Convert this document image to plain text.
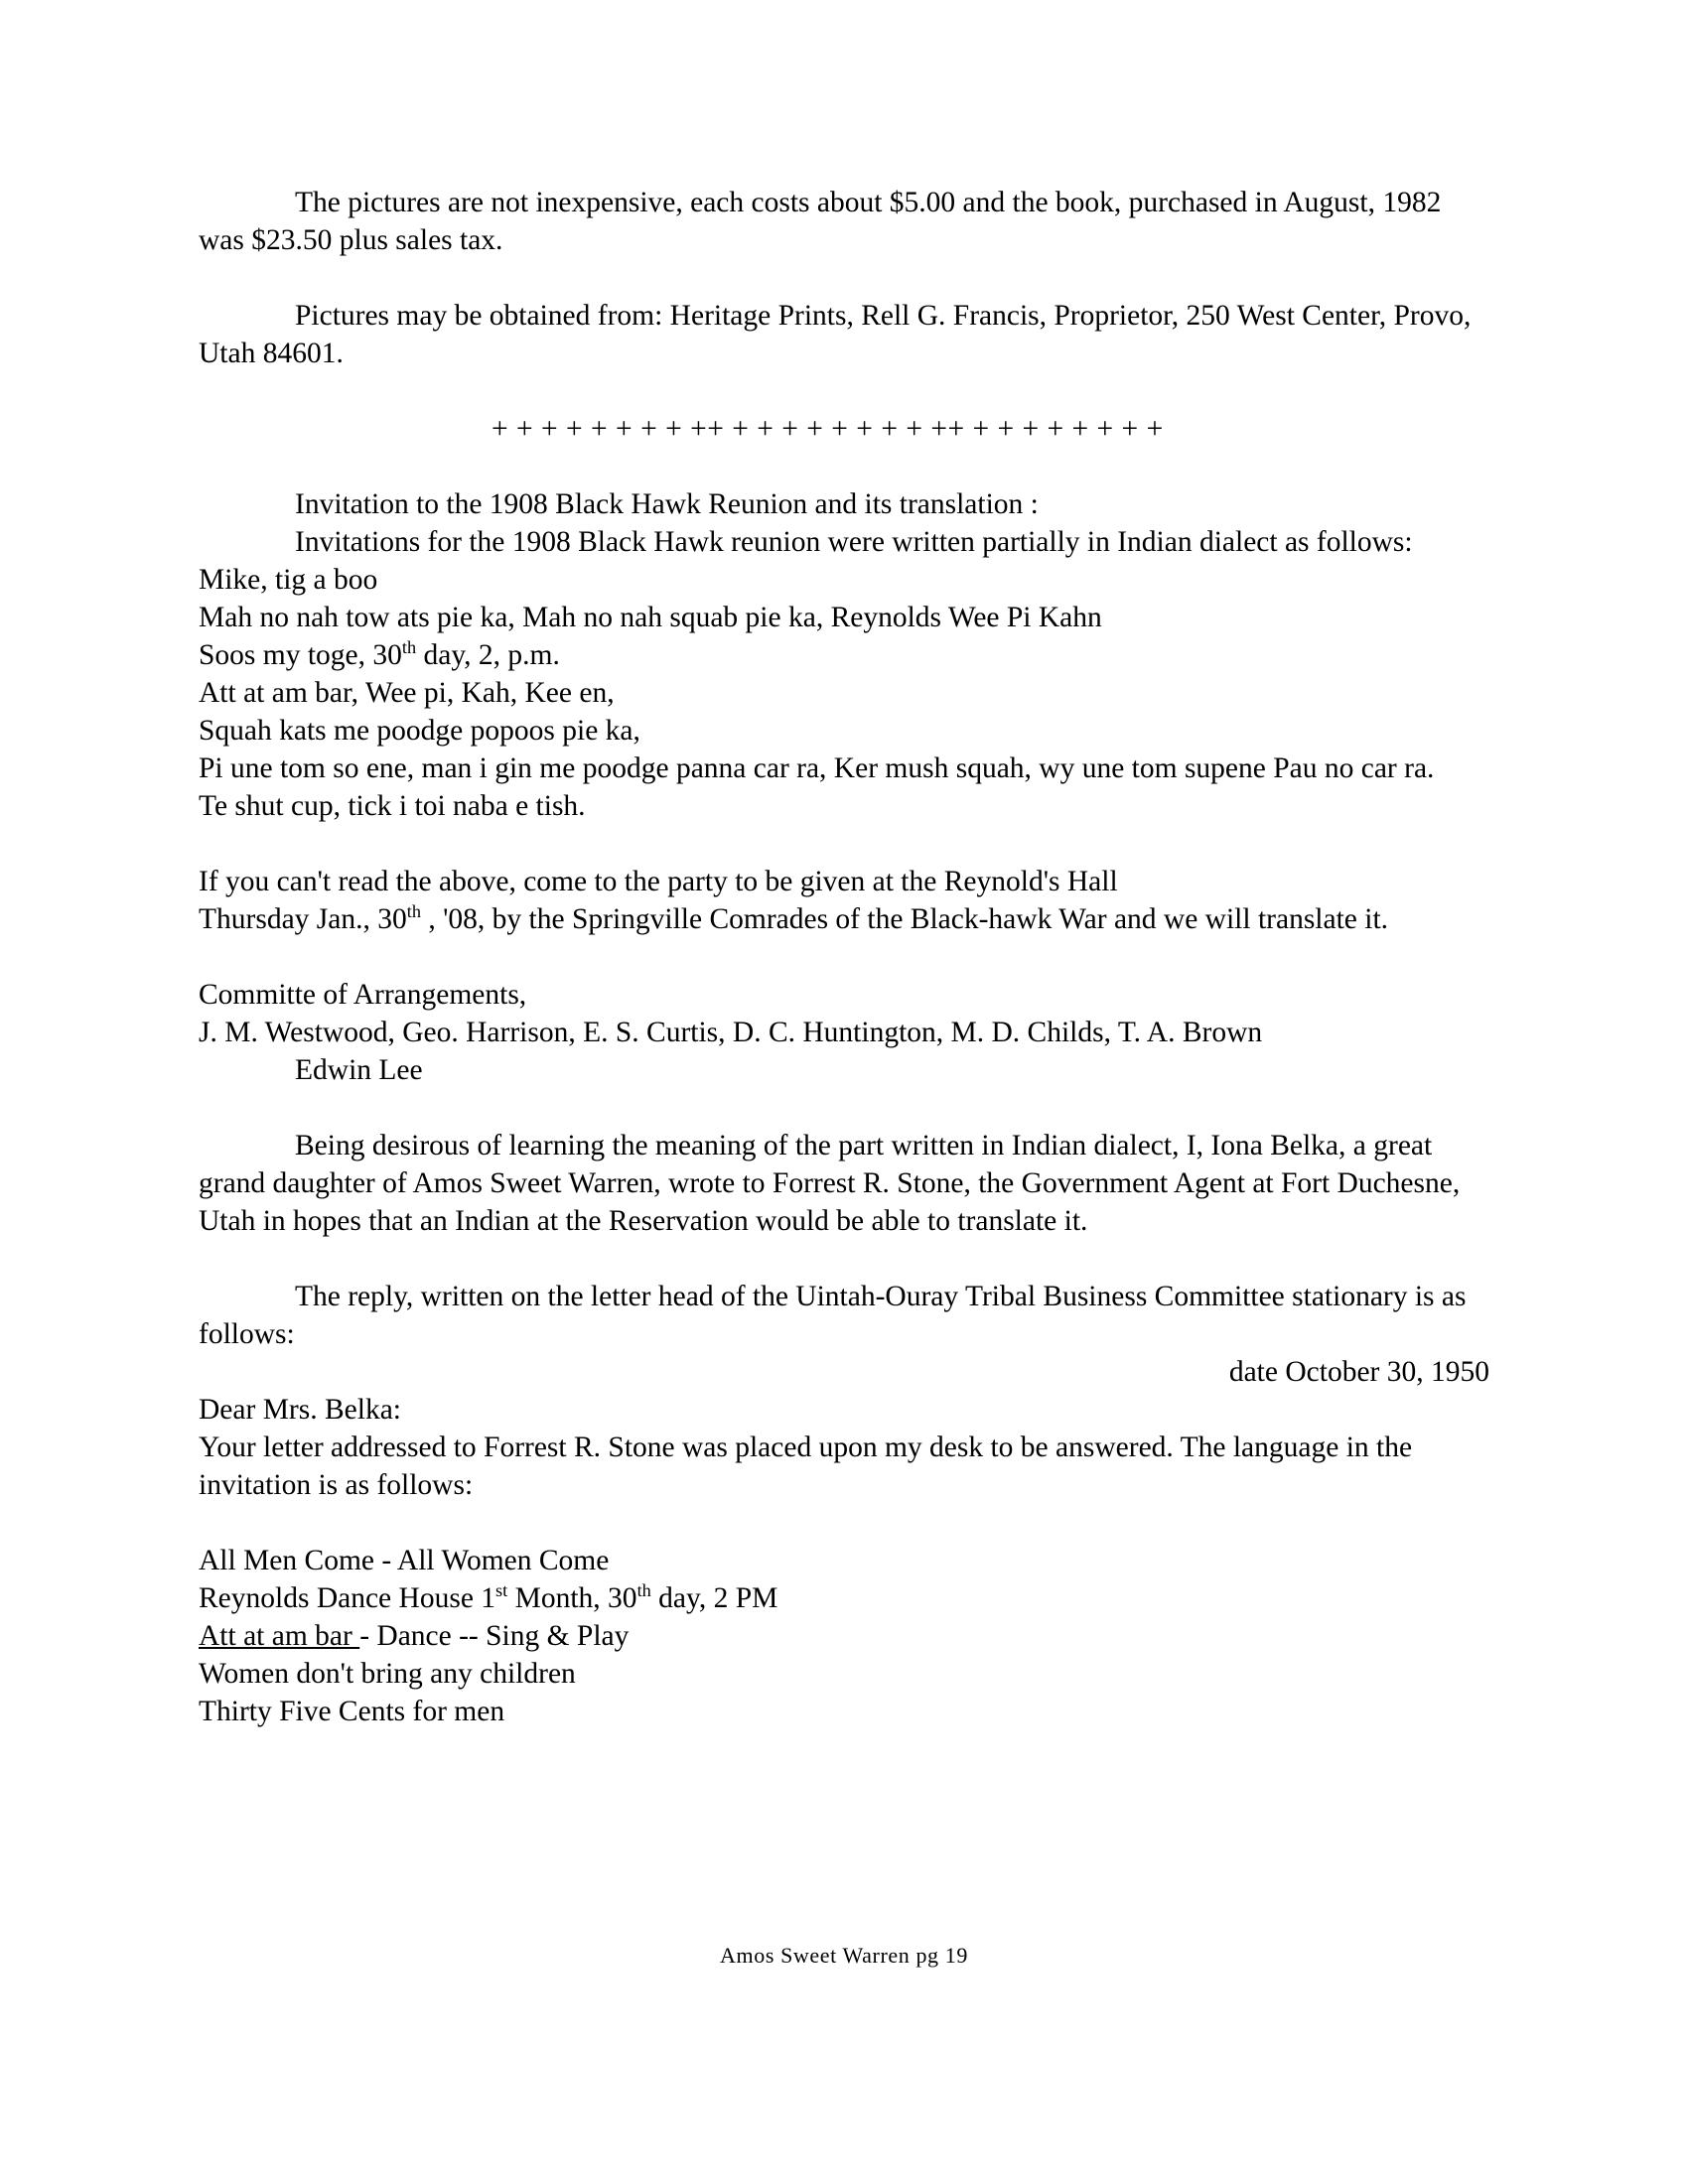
The pictures are not inexpensive, each costs about $5.00 and the book, purchased in August, 1982 was $23.50 plus sales tax.

Pictures may be obtained from: Heritage Prints, Rell G. Francis, Proprietor, 250 West Center, Provo, Utah 84601.

+ + + + + + + + ++ + + + + + + + + ++ + + + + + + + +

Invitation to the 1908 Black Hawk Reunion and its translation :

Invitations for the 1908 Black Hawk reunion were written partially in Indian dialect as follows:

Mike, tig a boo
Mah no nah tow ats pie ka, Mah no nah squab pie ka, Reynolds Wee Pi Kahn
Soos my toge, 30th day, 2, p.m.
Att at am bar, Wee pi, Kah, Kee en,
Squah kats me poodge popoos pie ka,
Pi une tom so ene, man i gin me poodge panna car ra, Ker mush squah, wy une tom supene Pau no car ra.
Te shut cup, tick i toi naba e tish.

If you can't read the above, come to the party to be given at the Reynold's Hall

Thursday Jan., 30th , '08, by the Springville Comrades of the Black-hawk War and we will translate it.

Committe of Arrangements,

J. M. Westwood, Geo. Harrison, E. S. Curtis, D. C. Huntington, M. D. Childs, T. A. Brown

Edwin Lee

Being desirous of learning the meaning of the part written in Indian dialect, I, Iona Belka, a great grand daughter of Amos Sweet Warren, wrote to Forrest R. Stone, the Government Agent at Fort Duchesne, Utah in hopes that an Indian at the Reservation would be able to translate it.

The reply, written on the letter head of the Uintah-Ouray Tribal Business Committee stationary is as follows:

date October 30, 1950

Dear Mrs. Belka:

Your letter addressed to Forrest R. Stone was placed upon my desk to be answered. The language in the invitation is as follows:

All Men Come - All Women Come
Reynolds Dance House 1st Month, 30th day, 2 PM
Att at am bar - Dance -- Sing & Play
Women don't bring any children
Thirty Five Cents for men
Amos Sweet Warren pg 19
